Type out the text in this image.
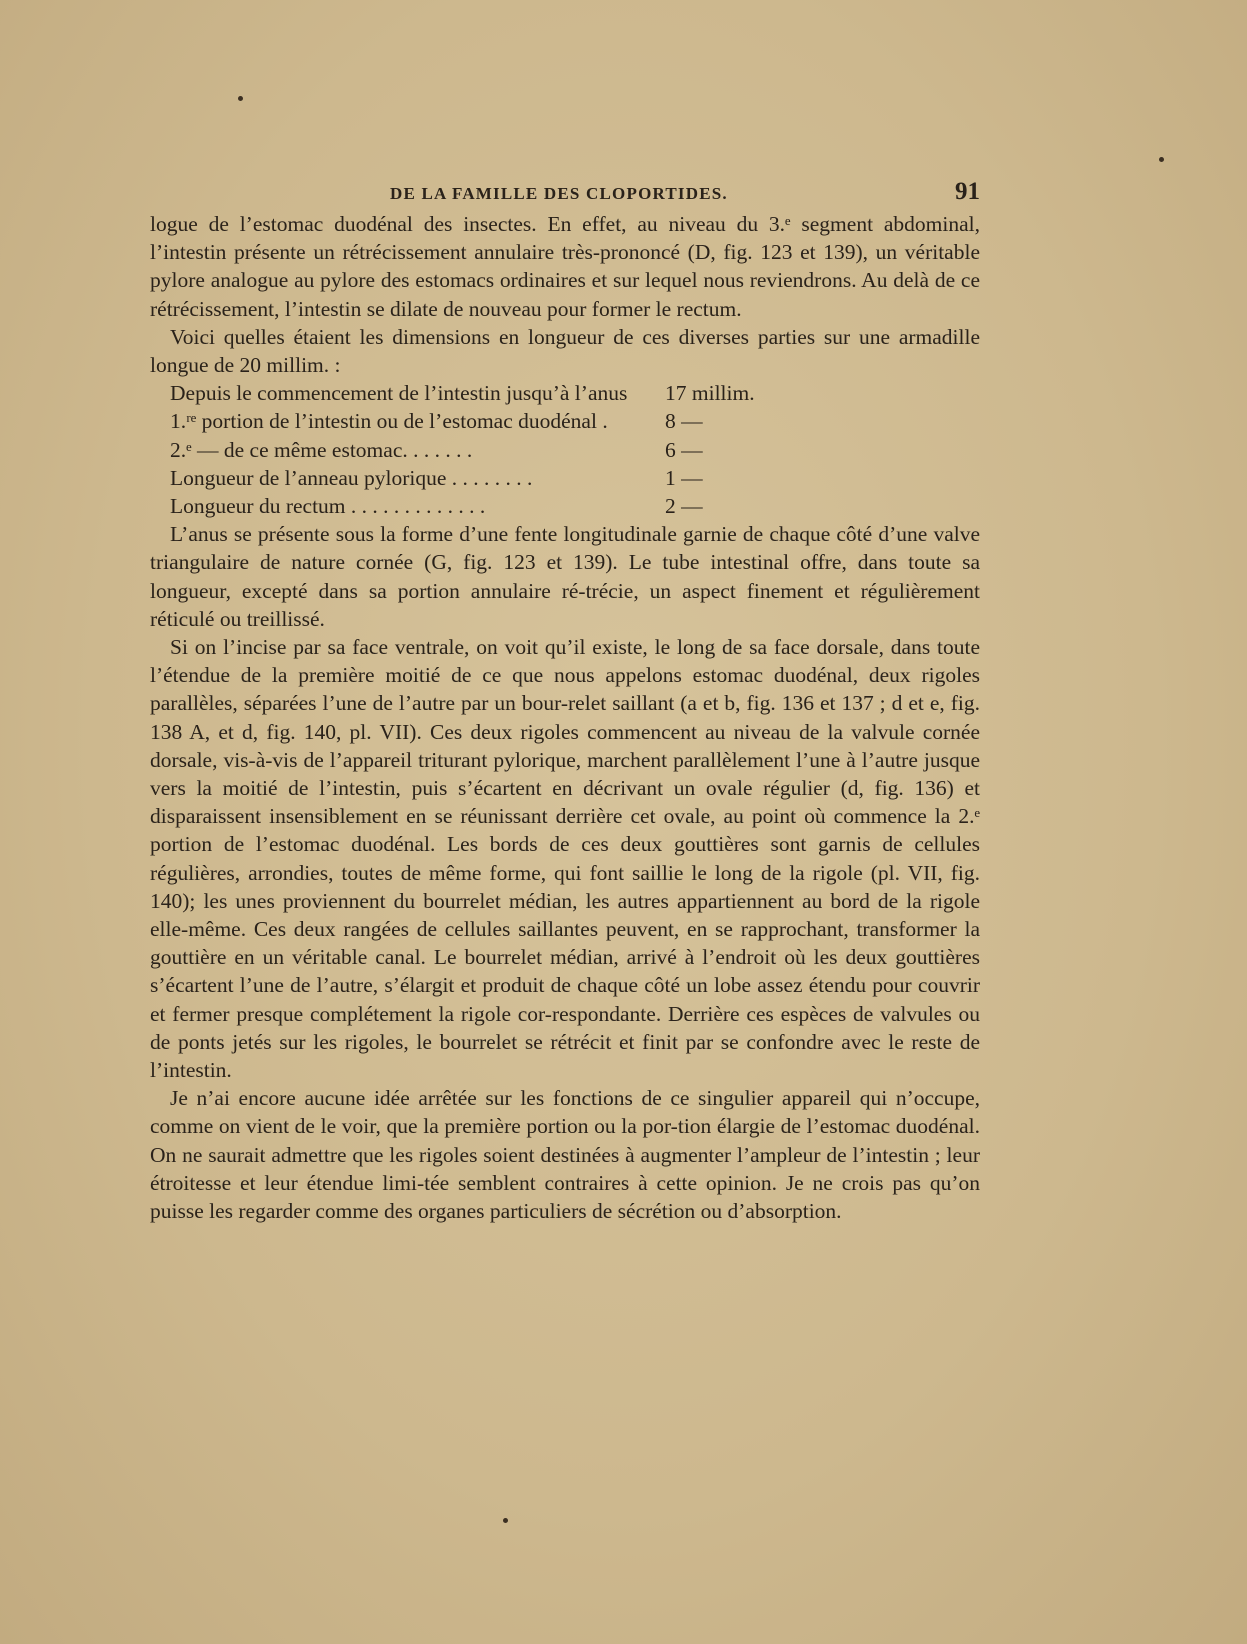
DE LA FAMILLE DES CLOPORTIDES.	91

logue de l’estomac duodénal des insectes. En effet, au niveau du 3.ᵉ segment abdominal, l’intestin présente un rétrécissement annulaire très-prononcé (D, fig. 123 et 139), un véritable pylore analogue au pylore des estomacs ordinaires et sur lequel nous reviendrons. Au delà de ce rétrécissement, l’intestin se dilate de nouveau pour former le rectum.

Voici quelles étaient les dimensions en longueur de ces diverses parties sur une armadille longue de 20 millim. :

Depuis le commencement de l’intestin jusqu’à l’anus	17 millim.
1.ʳᵉ portion de l’intestin ou de l’estomac duodénal .	8 —
2.ᵉ — de ce même estomac. . . . . . .	6 —
Longueur de l’anneau pylorique . . . . . . . .	1 —
Longueur du rectum . . . . . . . . . . . . .	2 —

L’anus se présente sous la forme d’une fente longitudinale garnie de chaque côté d’une valve triangulaire de nature cornée (G, fig. 123 et 139). Le tube intestinal offre, dans toute sa longueur, excepté dans sa portion annulaire ré-trécie, un aspect finement et régulièrement réticulé ou treillissé.

Si on l’incise par sa face ventrale, on voit qu’il existe, le long de sa face dorsale, dans toute l’étendue de la première moitié de ce que nous appelons estomac duodénal, deux rigoles parallèles, séparées l’une de l’autre par un bour-relet saillant (a et b, fig. 136 et 137 ; d et e, fig. 138 A, et d, fig. 140, pl. VII). Ces deux rigoles commencent au niveau de la valvule cornée dorsale, vis-à-vis de l’appareil triturant pylorique, marchent parallèlement l’une à l’autre jusque vers la moitié de l’intestin, puis s’écartent en décrivant un ovale régulier (d, fig. 136) et disparaissent insensiblement en se réunissant derrière cet ovale, au point où commence la 2.ᵉ portion de l’estomac duodénal. Les bords de ces deux gouttières sont garnis de cellules régulières, arrondies, toutes de même forme, qui font saillie le long de la rigole (pl. VII, fig. 140); les unes proviennent du bourrelet médian, les autres appartiennent au bord de la rigole elle-même. Ces deux rangées de cellules saillantes peuvent, en se rapprochant, transformer la gouttière en un véritable canal. Le bourrelet médian, arrivé à l’endroit où les deux gouttières s’écartent l’une de l’autre, s’élargit et produit de chaque côté un lobe assez étendu pour couvrir et fermer presque complétement la rigole cor-respondante. Derrière ces espèces de valvules ou de ponts jetés sur les rigoles, le bourrelet se rétrécit et finit par se confondre avec le reste de l’intestin.

Je n’ai encore aucune idée arrêtée sur les fonctions de ce singulier appareil qui n’occupe, comme on vient de le voir, que la première portion ou la por-tion élargie de l’estomac duodénal. On ne saurait admettre que les rigoles soient destinées à augmenter l’ampleur de l’intestin ; leur étroitesse et leur étendue limi-tée semblent contraires à cette opinion. Je ne crois pas qu’on puisse les regarder comme des organes particuliers de sécrétion ou d’absorption.
